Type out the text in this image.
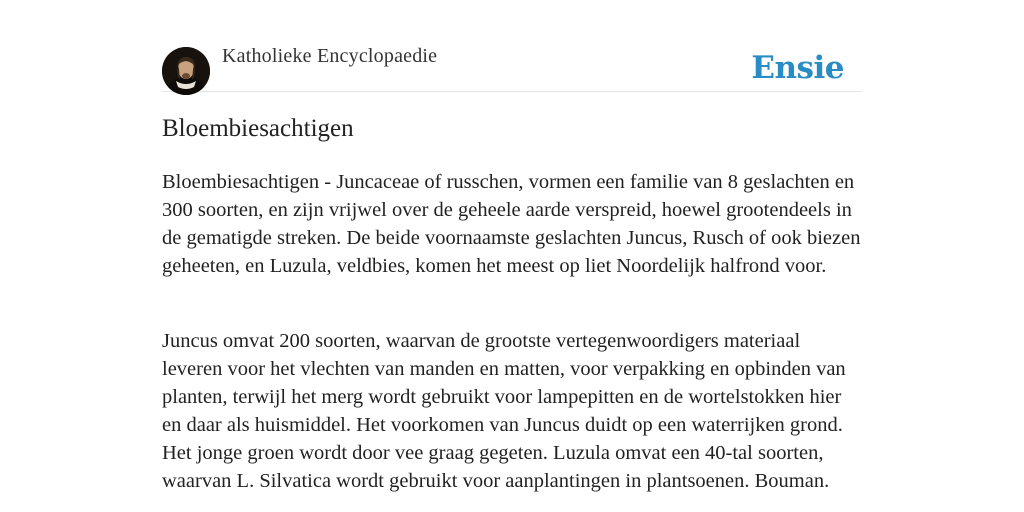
Katholieke Encyclopaedie	Ensie
Bloembiesachtigen

Bloembiesachtigen - Juncaceae of russchen, vormen een familie van 8 geslachten en 300 soorten, en zijn vrijwel over de geheele aarde verspreid, hoewel grootendeels in de gematigde streken. De beide voornaamste geslachten Juncus, Rusch of ook biezen geheeten, en Luzula, veldbies, komen het meest op liet Noordelijk halfrond voor.

Juncus omvat 200 soorten, waarvan de grootste vertegenwoordigers materiaal leveren voor het vlechten van manden en matten, voor verpakking en opbinden van planten, terwijl het merg wordt gebruikt voor lampepitten en de wortelstokken hier en daar als huismiddel. Het voorkomen van Juncus duidt op een waterrijken grond. Het jonge groen wordt door vee graag gegeten. Luzula omvat een 40-tal soorten, waarvan L. Silvatica wordt gebruikt voor aanplantingen in plantsoenen. Bouman.
